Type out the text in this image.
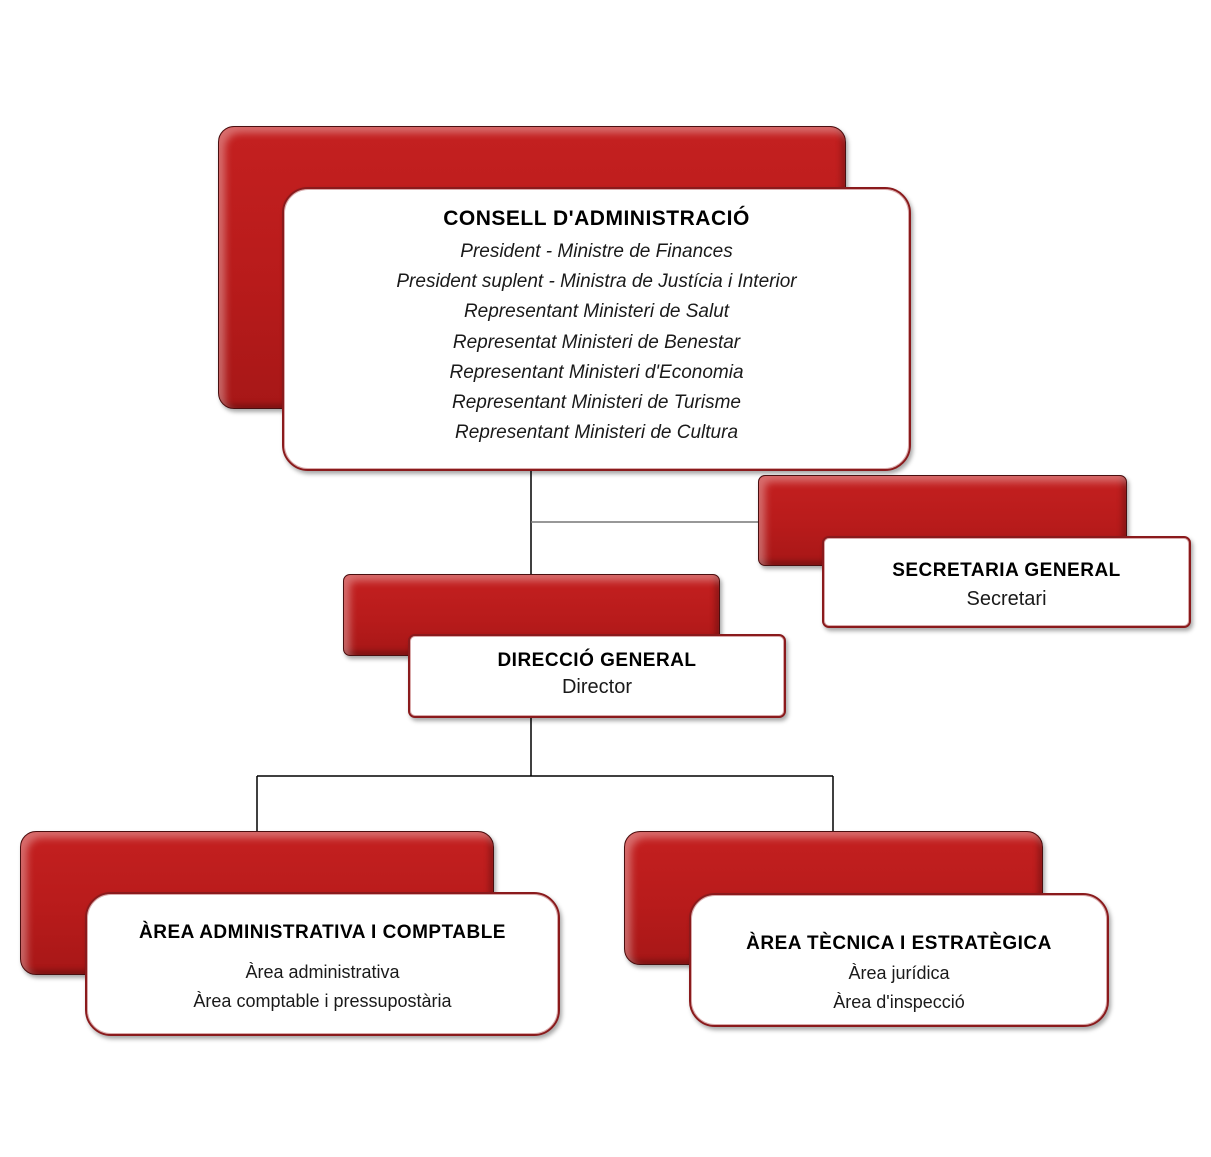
CONSELL D'ADMINISTRACIÓ
President - Ministre de Finances
President suplent - Ministra de Justícia i Interior
Representant Ministeri de Salut
Representat Ministeri de Benestar
Representant Ministeri d'Economia
Representant Ministeri de Turisme
Representant Ministeri de Cultura
SECRETARIA GENERAL
Secretari
DIRECCIÓ GENERAL
Director
ÀREA ADMINISTRATIVA I COMPTABLE
Àrea administrativa
Àrea comptable i pressupostària
ÀREA TÈCNICA I ESTRATÈGICA
Àrea jurídica
Àrea d'inspecció
